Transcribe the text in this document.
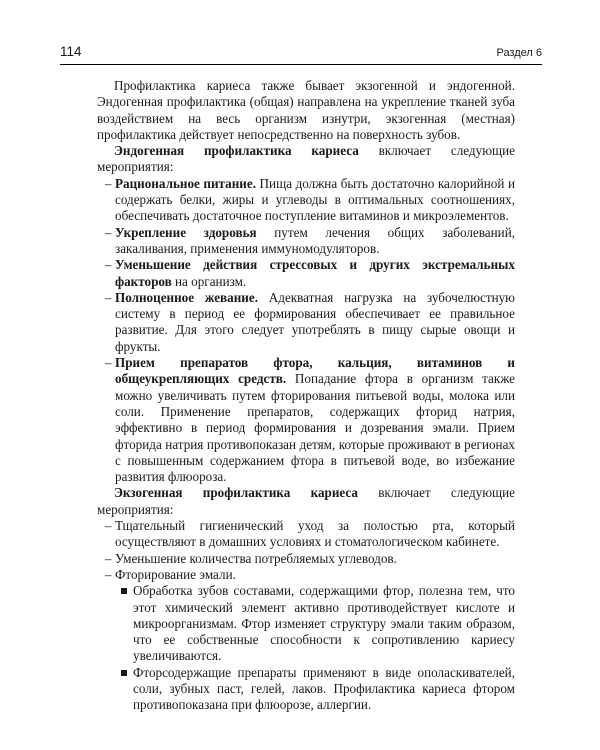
114	Раздел 6

Профилактика кариеса также бывает экзогенной и эндогенной. Эндогенная профилактика (общая) направлена на укрепление тканей зуба воздействием на весь организм изнутри, экзогенная (местная) профилактика действует непосредственно на поверхность зубов.

Эндогенная профилактика кариеса включает следующие мероприятия:

– Рациональное питание. Пища должна быть достаточно калорийной и содержать белки, жиры и углеводы в оптимальных соотношениях, обеспечивать достаточное поступление витаминов и микроэлементов.
– Укрепление здоровья путем лечения общих заболеваний, закаливания, применения иммуномодуляторов.
– Уменьшение действия стрессовых и других экстремальных факторов на организм.
– Полноценное жевание. Адекватная нагрузка на зубочелюстную систему в период ее формирования обеспечивает ее правильное развитие. Для этого следует употреблять в пищу сырые овощи и фрукты.
– Прием препаратов фтора, кальция, витаминов и общеукрепляющих средств. Попадание фтора в организм также можно увеличивать путем фторирования питьевой воды, молока или соли. Применение препаратов, содержащих фторид натрия, эффективно в период формирования и дозревания эмали. Прием фторида натрия противопоказан детям, которые проживают в регионах с повышенным содержанием фтора в питьевой воде, во избежание развития флюороза.

Экзогенная профилактика кариеса включает следующие мероприятия:

– Тщательный гигиенический уход за полостью рта, который осуществляют в домашних условиях и стоматологическом кабинете.
– Уменьшение количества потребляемых углеводов.
– Фторирование эмали.
Обработка зубов составами, содержащими фтор, полезна тем, что этот химический элемент активно противодействует кислоте и микроорганизмам. Фтор изменяет структуру эмали таким образом, что ее собственные способности к сопротивлению кариесу увеличиваются.
Фторсодержащие препараты применяют в виде ополаскивателей, соли, зубных паст, гелей, лаков. Профилактика кариеса фтором противопоказана при флюорозе, аллергии.
